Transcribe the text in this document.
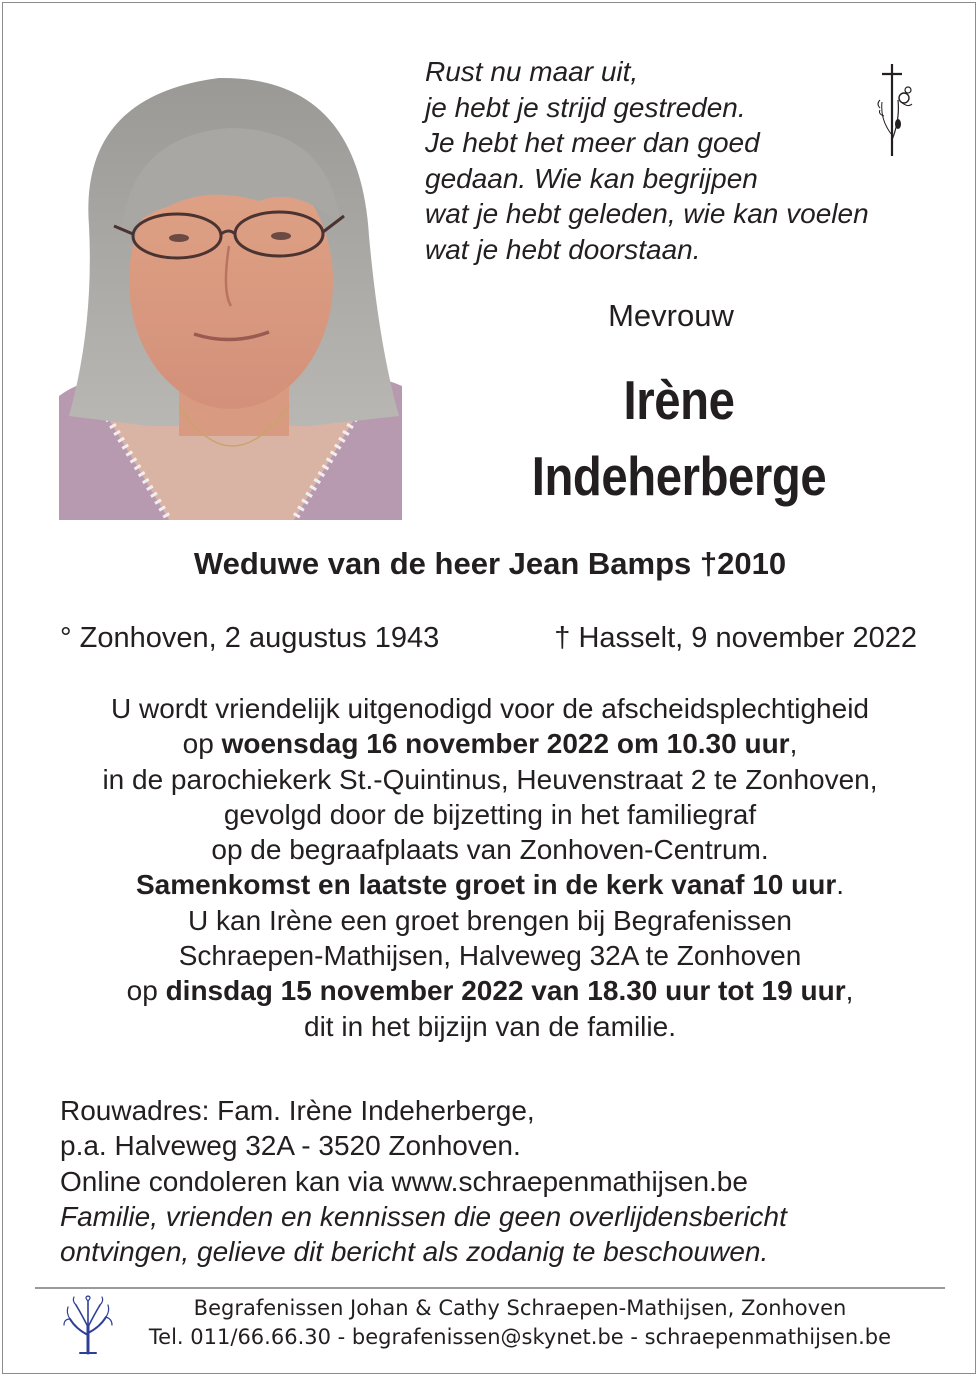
Rust nu maar uit,
je hebt je strijd gestreden.
Je hebt het meer dan goed
gedaan. Wie kan begrijpen
wat je hebt geleden, wie kan voelen
wat je hebt doorstaan.
Mevrouw
Irène
Indeherberge
Weduwe van de heer Jean Bamps †2010
° Zonhoven, 2 augustus 1943	† Hasselt, 9 november 2022
U wordt vriendelijk uitgenodigd voor de afscheidsplechtigheid
op woensdag 16 november 2022 om 10.30 uur,
in de parochiekerk St.-Quintinus, Heuvenstraat 2 te Zonhoven,
gevolgd door de bijzetting in het familiegraf
op de begraafplaats van Zonhoven-Centrum.
Samenkomst en laatste groet in de kerk vanaf 10 uur.
U kan Irène een groet brengen bij Begrafenissen
Schraepen-Mathijsen, Halveweg 32A te Zonhoven
op dinsdag 15 november 2022 van 18.30 uur tot 19 uur,
dit in het bijzijn van de familie.
Rouwadres: Fam. Irène Indeherberge,
p.a. Halveweg 32A - 3520 Zonhoven.
Online condoleren kan via www.schraepenmathijsen.be
Familie, vrienden en kennissen die geen overlijdensbericht
ontvingen, gelieve dit bericht als zodanig te beschouwen.
Begrafenissen Johan & Cathy Schraepen-Mathijsen, Zonhoven
Tel. 011/66.66.30 - begrafenissen@skynet.be - schraepenmathijsen.be
